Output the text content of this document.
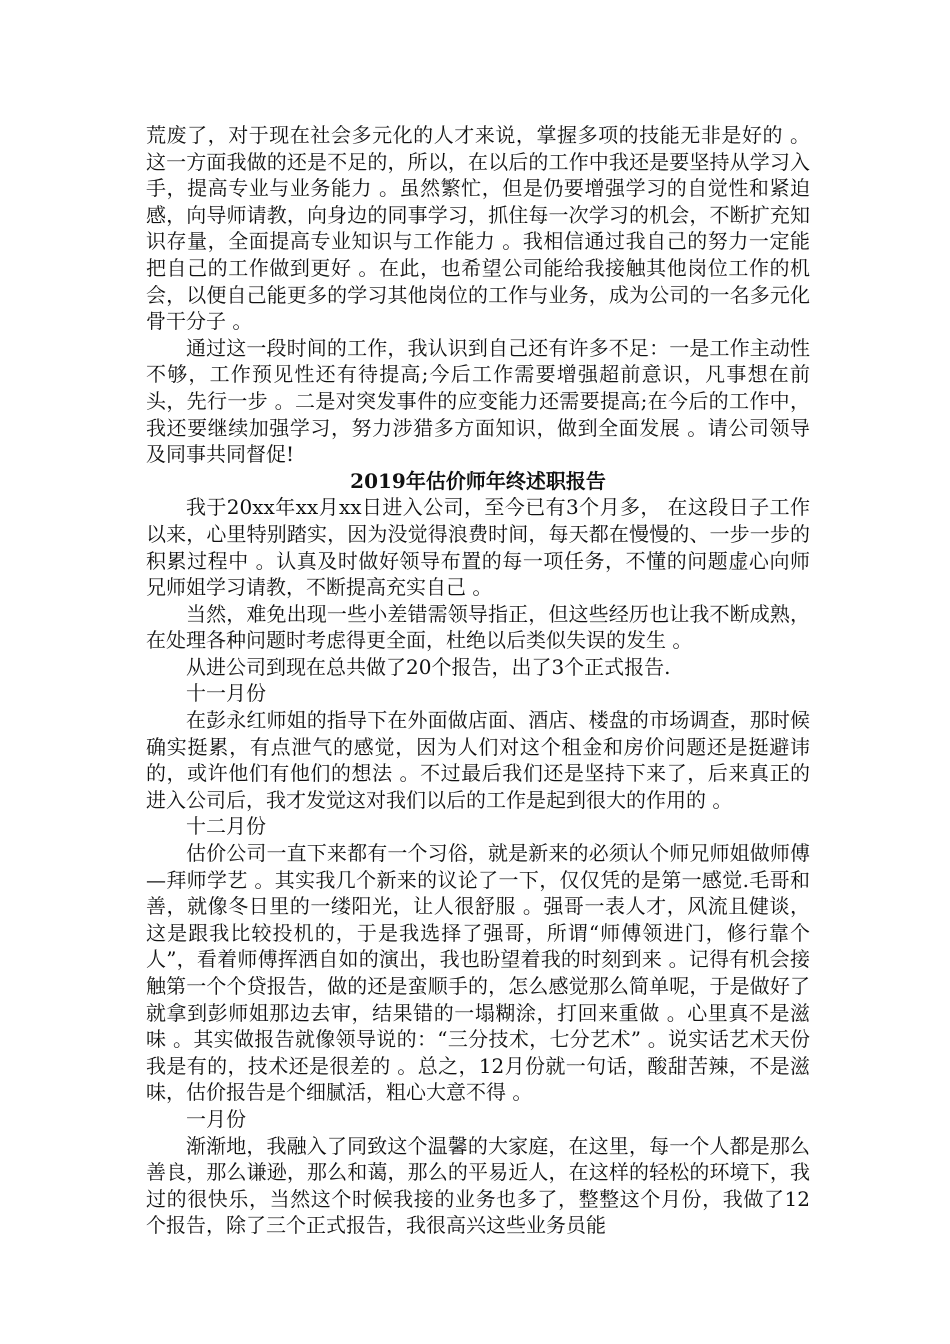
荒废了，对于现在社会多元化的人才来说，掌握多项的技能无非是好的 。这一方面我做的还是不足的，所以，在以后的工作中我还是要坚持从学习入手，提高专业与业务能力 。虽然繁忙，但是仍要增强学习的自觉性和紧迫感，向导师请教，向身边的同事学习，抓住每一次学习的机会，不断扩充知识存量，全面提高专业知识与工作能力 。我相信通过我自己的努力一定能把自己的工作做到更好 。在此，也希望公司能给我接触其他岗位工作的机会，以便自己能更多的学习其他岗位的工作与业务，成为公司的一名多元化骨干分子 。

通过这一段时间的工作，我认识到自己还有许多不足：一是工作主动性不够，工作预见性还有待提高;今后工作需要增强超前意识，凡事想在前头，先行一步 。二是对突发事件的应变能力还需要提高;在今后的工作中，我还要继续加强学习，努力涉猎多方面知识，做到全面发展 。请公司领导及同事共同督促!

2019年估价师年终述职报告

我于20xx年xx月xx日进入公司，至今已有3个月多， 在这段日子工作以来，心里特别踏实，因为没觉得浪费时间，每天都在慢慢的、一步一步的积累过程中 。认真及时做好领导布置的每一项任务，不懂的问题虚心向师兄师姐学习请教，不断提高充实自己 。

当然，难免出现一些小差错需领导指正，但这些经历也让我不断成熟，在处理各种问题时考虑得更全面，杜绝以后类似失误的发生 。

从进公司到现在总共做了20个报告，出了3个正式报告.

十一月份

在彭永红师姐的指导下在外面做店面、酒店、楼盘的市场调查，那时候确实挺累，有点泄气的感觉，因为人们对这个租金和房价问题还是挺避讳的，或许他们有他们的想法 。不过最后我们还是坚持下来了，后来真正的进入公司后，我才发觉这对我们以后的工作是起到很大的作用的 。

十二月份

估价公司一直下来都有一个习俗，就是新来的必须认个师兄师姐做师傅—拜师学艺 。其实我几个新来的议论了一下，仅仅凭的是第一感觉.毛哥和善，就像冬日里的一缕阳光，让人很舒服 。强哥一表人才，风流且健谈，这是跟我比较投机的，于是我选择了强哥，所谓“师傅领进门，修行靠个人”，看着师傅挥洒自如的演出，我也盼望着我的时刻到来 。记得有机会接触第一个个贷报告，做的还是蛮顺手的，怎么感觉那么简单呢，于是做好了就拿到彭师姐那边去审，结果错的一塌糊涂，打回来重做 。心里真不是滋味 。其实做报告就像领导说的：“三分技术，七分艺术” 。说实话艺术天份我是有的，技术还是很差的 。总之，12月份就一句话，酸甜苦辣，不是滋味，估价报告是个细腻活，粗心大意不得 。

一月份

渐渐地，我融入了同致这个温馨的大家庭，在这里，每一个人都是那么善良，那么谦逊，那么和蔼，那么的平易近人，在这样的轻松的环境下，我过的很快乐，当然这个时候我接的业务也多了，整整这个月份，我做了12个报告，除了三个正式报告，我很高兴这些业务员能
